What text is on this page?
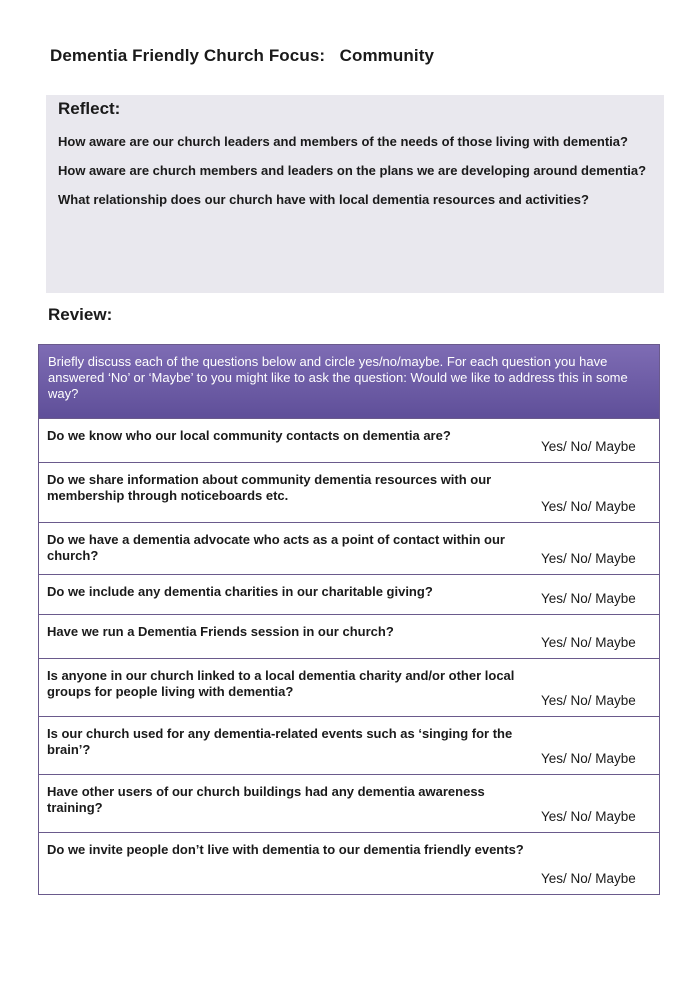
Dementia Friendly Church Focus:   Community
Reflect:
How aware are our church leaders and members of the needs of those living with dementia?
How aware are church members and leaders on the plans we are developing around dementia?
What relationship does our church have with local dementia resources and activities?
Review:
Briefly discuss each of the questions below and circle yes/no/maybe. For each question you have answered ‘No’ or ‘Maybe’ to you might like to ask the question: Would we like to address this in some way?
Do we know who our local community contacts on dementia are?
Yes/ No/ Maybe
Do we share information about community dementia resources with our membership through noticeboards etc.
Yes/ No/ Maybe
Do we have a dementia advocate who acts as a point of contact within our church?	Yes/ No/ Maybe
Do we include any dementia charities in our charitable giving?	Yes/ No/ Maybe
Have we run a Dementia Friends session in our church?
Yes/ No/ Maybe
Is anyone in our church linked to a local dementia charity and/or other local groups for people living with dementia?
Yes/ No/ Maybe
Is our church used for any dementia-related events such as ‘singing for the brain’?
Yes/ No/ Maybe
Have other users of our church buildings had any dementia awareness training?
Yes/ No/ Maybe
Do we invite people don’t live with dementia to our dementia friendly events?
Yes/ No/ Maybe
